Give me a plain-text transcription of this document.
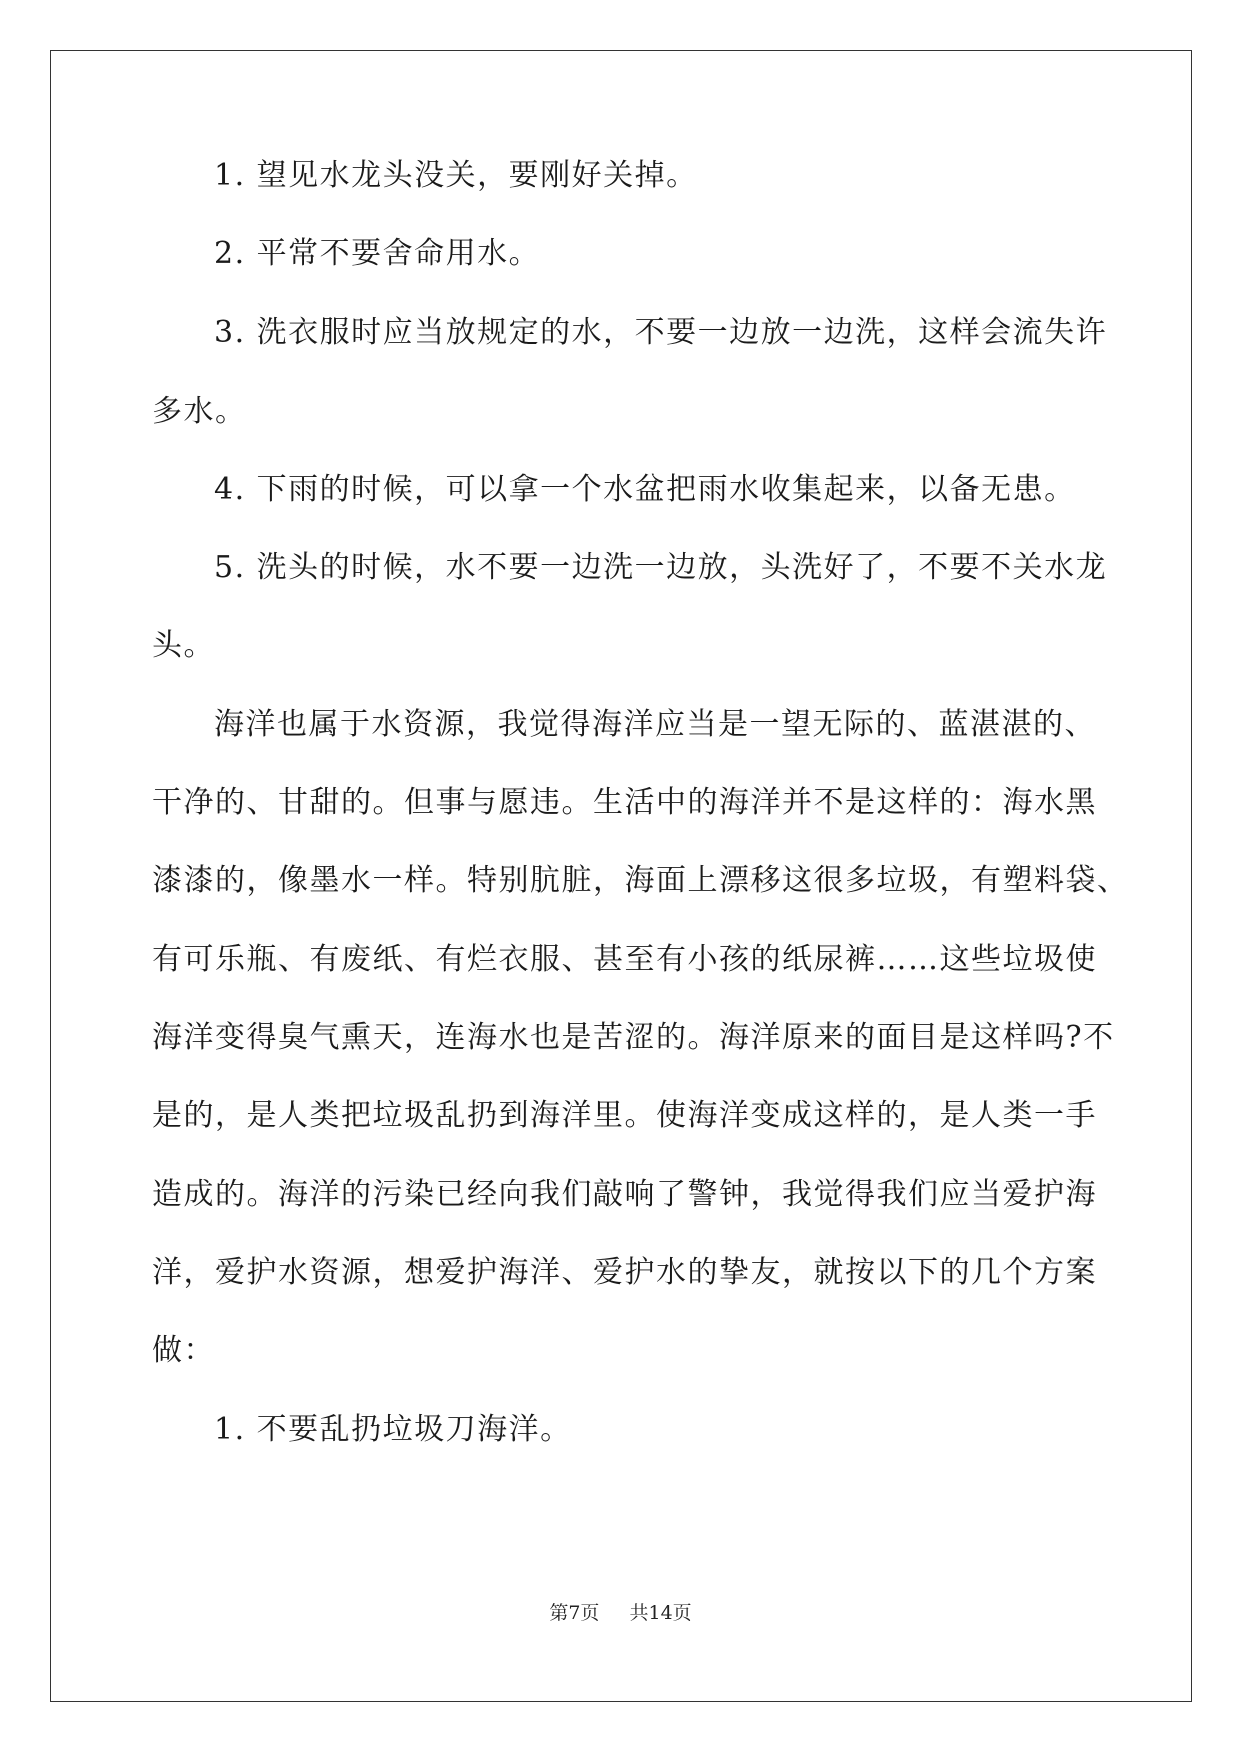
1. 望见水龙头没关，要刚好关掉。
2. 平常不要舍命用水。
3. 洗衣服时应当放规定的水，不要一边放一边洗，这样会流失许
多水。
4. 下雨的时候，可以拿一个水盆把雨水收集起来，以备无患。
5. 洗头的时候，水不要一边洗一边放，头洗好了，不要不关水龙
头。
海洋也属于水资源，我觉得海洋应当是一望无际的、蓝湛湛的、
干净的、甘甜的。但事与愿违。生活中的海洋并不是这样的：海水黑
漆漆的，像墨水一样。特别肮脏，海面上漂移这很多垃圾，有塑料袋、
有可乐瓶、有废纸、有烂衣服、甚至有小孩的纸尿裤……这些垃圾使
海洋变得臭气熏天，连海水也是苦涩的。海洋原来的面目是这样吗?不
是的，是人类把垃圾乱扔到海洋里。使海洋变成这样的，是人类一手
造成的。海洋的污染已经向我们敲响了警钟，我觉得我们应当爱护海
洋，爱护水资源，想爱护海洋、爱护水的挚友，就按以下的几个方案
做：
1. 不要乱扔垃圾刀海洋。
第7页 共14页
